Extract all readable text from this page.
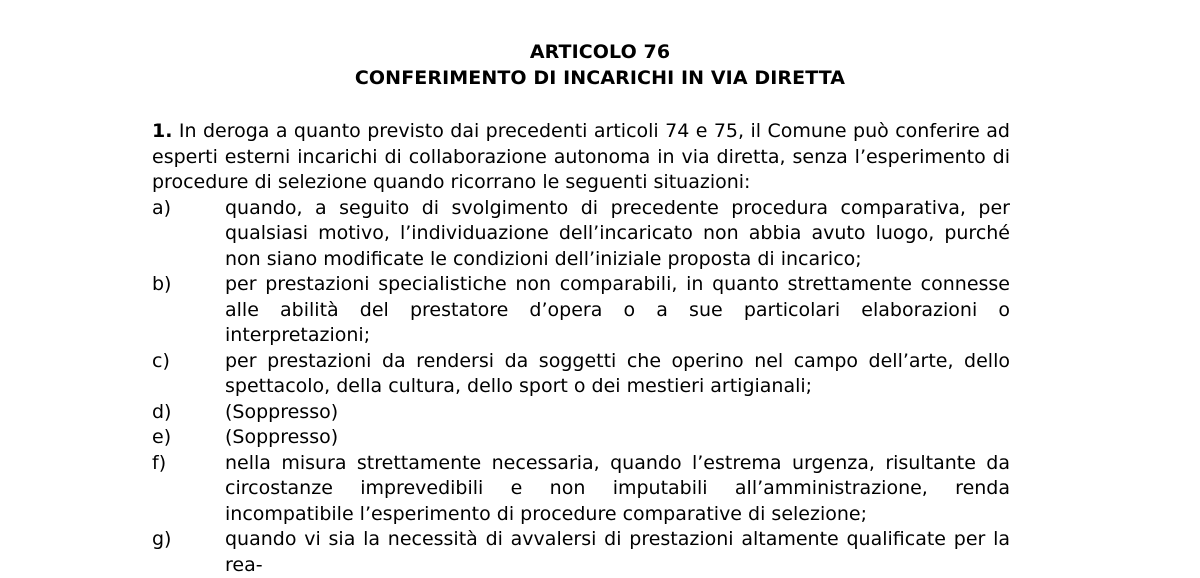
ARTICOLO 76
CONFERIMENTO DI INCARICHI IN VIA DIRETTA

1. In deroga a quanto previsto dai precedenti articoli 74 e 75, il Comune può conferire ad esperti esterni incarichi di collaborazione autonoma in via diretta, senza l’esperimento di procedure di selezione quando ricorrano le seguenti situazioni:

a)	quando, a seguito di svolgimento di precedente procedura comparativa, per qualsiasi motivo, l’individuazione dell’incaricato non abbia avuto luogo, purché non siano modificate le condizioni dell’iniziale proposta di incarico;
b)	per prestazioni specialistiche non comparabili, in quanto strettamente connesse alle abilità del prestatore d’opera o a sue particolari elaborazioni o interpretazioni;
c)	per prestazioni da rendersi da soggetti che operino nel campo dell’arte, dello spettacolo, della cultura, dello sport o dei mestieri artigianali;
d)	(Soppresso)
e)	(Soppresso)
f)	nella misura strettamente necessaria, quando l’estrema urgenza, risultante da circostanze imprevedibili e non imputabili all’amministrazione, renda incompatibile l’esperimento di procedure comparative di selezione;
g)	quando vi sia la necessità di avvalersi di prestazioni altamente qualificate per la rea-
